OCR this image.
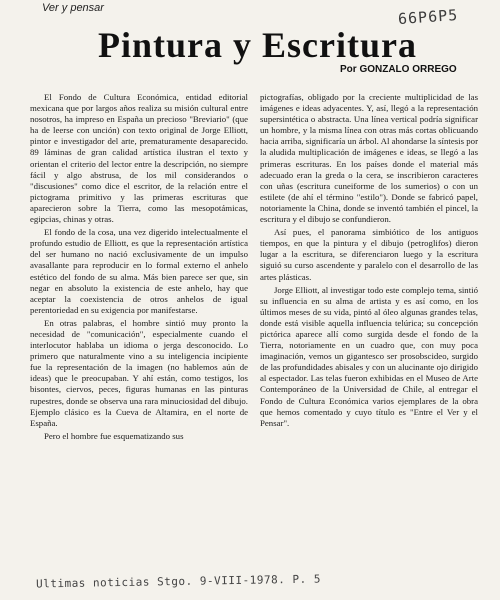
Ver y pensar	66P6P5
Pintura y Escritura
Por GONZALO ORREGO

El Fondo de Cultura Económica, entidad editorial mexicana que por largos años realiza su misión cultural entre nosotros, ha impreso en España un precioso "Breviario" (que ha de leerse con unción) con texto original de Jorge Elliott, pintor e investigador del arte, prematuramente desaparecido. 89 láminas de gran calidad artística ilustran el texto y orientan el criterio del lector entre la descripción, no siempre fácil y algo abstrusa, de los mil considerandos o "discusiones" como dice el escritor, de la relación entre el pictograma primitivo y las primeras escrituras que aparecieron sobre la Tierra, como las mesopotámicas, egipcias, chinas y otras.

El fondo de la cosa, una vez digerido intelectualmente el profundo estudio de Elliott, es que la representación artística del ser humano no nació exclusivamente de un impulso avasallante para reproducir en lo formal externo el anhelo estético del fondo de su alma. Más bien parece ser que, sin negar en absoluto la existencia de este anhelo, hay que aceptar la coexistencia de otros anhelos de igual perentoriedad en su exigencia por manifestarse.

En otras palabras, el hombre sintió muy pronto la necesidad de "comunicación", especialmente cuando el interlocutor hablaba un idioma o jerga desconocido. Lo primero que naturalmente vino a su inteligencia incipiente fue la representación de la imagen (no hablemos aún de ideas) que le preocupaban. Y ahí están, como testigos, los bisontes, ciervos, peces, figuras humanas en las pinturas rupestres, donde se observa una rara minuciosidad del dibujo. Ejemplo clásico es la Cueva de Altamira, en el norte de España.

Pero el hombre fue esquematizando sus

pictografías, obligado por la creciente multiplicidad de las imágenes e ideas adyacentes. Y, así, llegó a la representación supersintética o abstracta. Una línea vertical podría significar un hombre, y la misma línea con otras más cortas oblicuando hacia arriba, significaría un árbol. Al ahondarse la síntesis por la aludida multiplicación de imágenes e ideas, se llegó a las primeras escrituras. En los países donde el material más adecuado eran la greda o la cera, se inscribieron caracteres con uñas (escritura cuneiforme de los sumerios) o con un estilete (de ahí el término "estilo"). Donde se fabricó papel, notoriamente la China, donde se inventó también el pincel, la escritura y el dibujo se confundieron.

Así pues, el panorama simbiótico de los antiguos tiempos, en que la pintura y el dibujo (petroglifos) dieron lugar a la escritura, se diferenciaron luego y la escritura siguió su curso ascendente y paralelo con el desarrollo de las artes plásticas.

Jorge Elliott, al investigar todo este complejo tema, sintió su influencia en su alma de artista y es así como, en los últimos meses de su vida, pintó al óleo algunas grandes telas, donde está visible aquella influencia telúrica; su concepción pictórica aparece allí como surgida desde el fondo de la Tierra, notoriamente en un cuadro que, con muy poca imaginación, vemos un gigantesco ser prosobscideo, surgido de las profundidades abisales y con un alucinante ojo dirigido al espectador. Las telas fueron exhibidas en el Museo de Arte Contemporáneo de la Universidad de Chile, al entregar el Fondo de Cultura Económica varios ejemplares de la obra que hemos comentado y cuyo título es "Entre el Ver y el Pensar".

Ultimas noticias Stgo. 9-VIII-1978. P. 5
